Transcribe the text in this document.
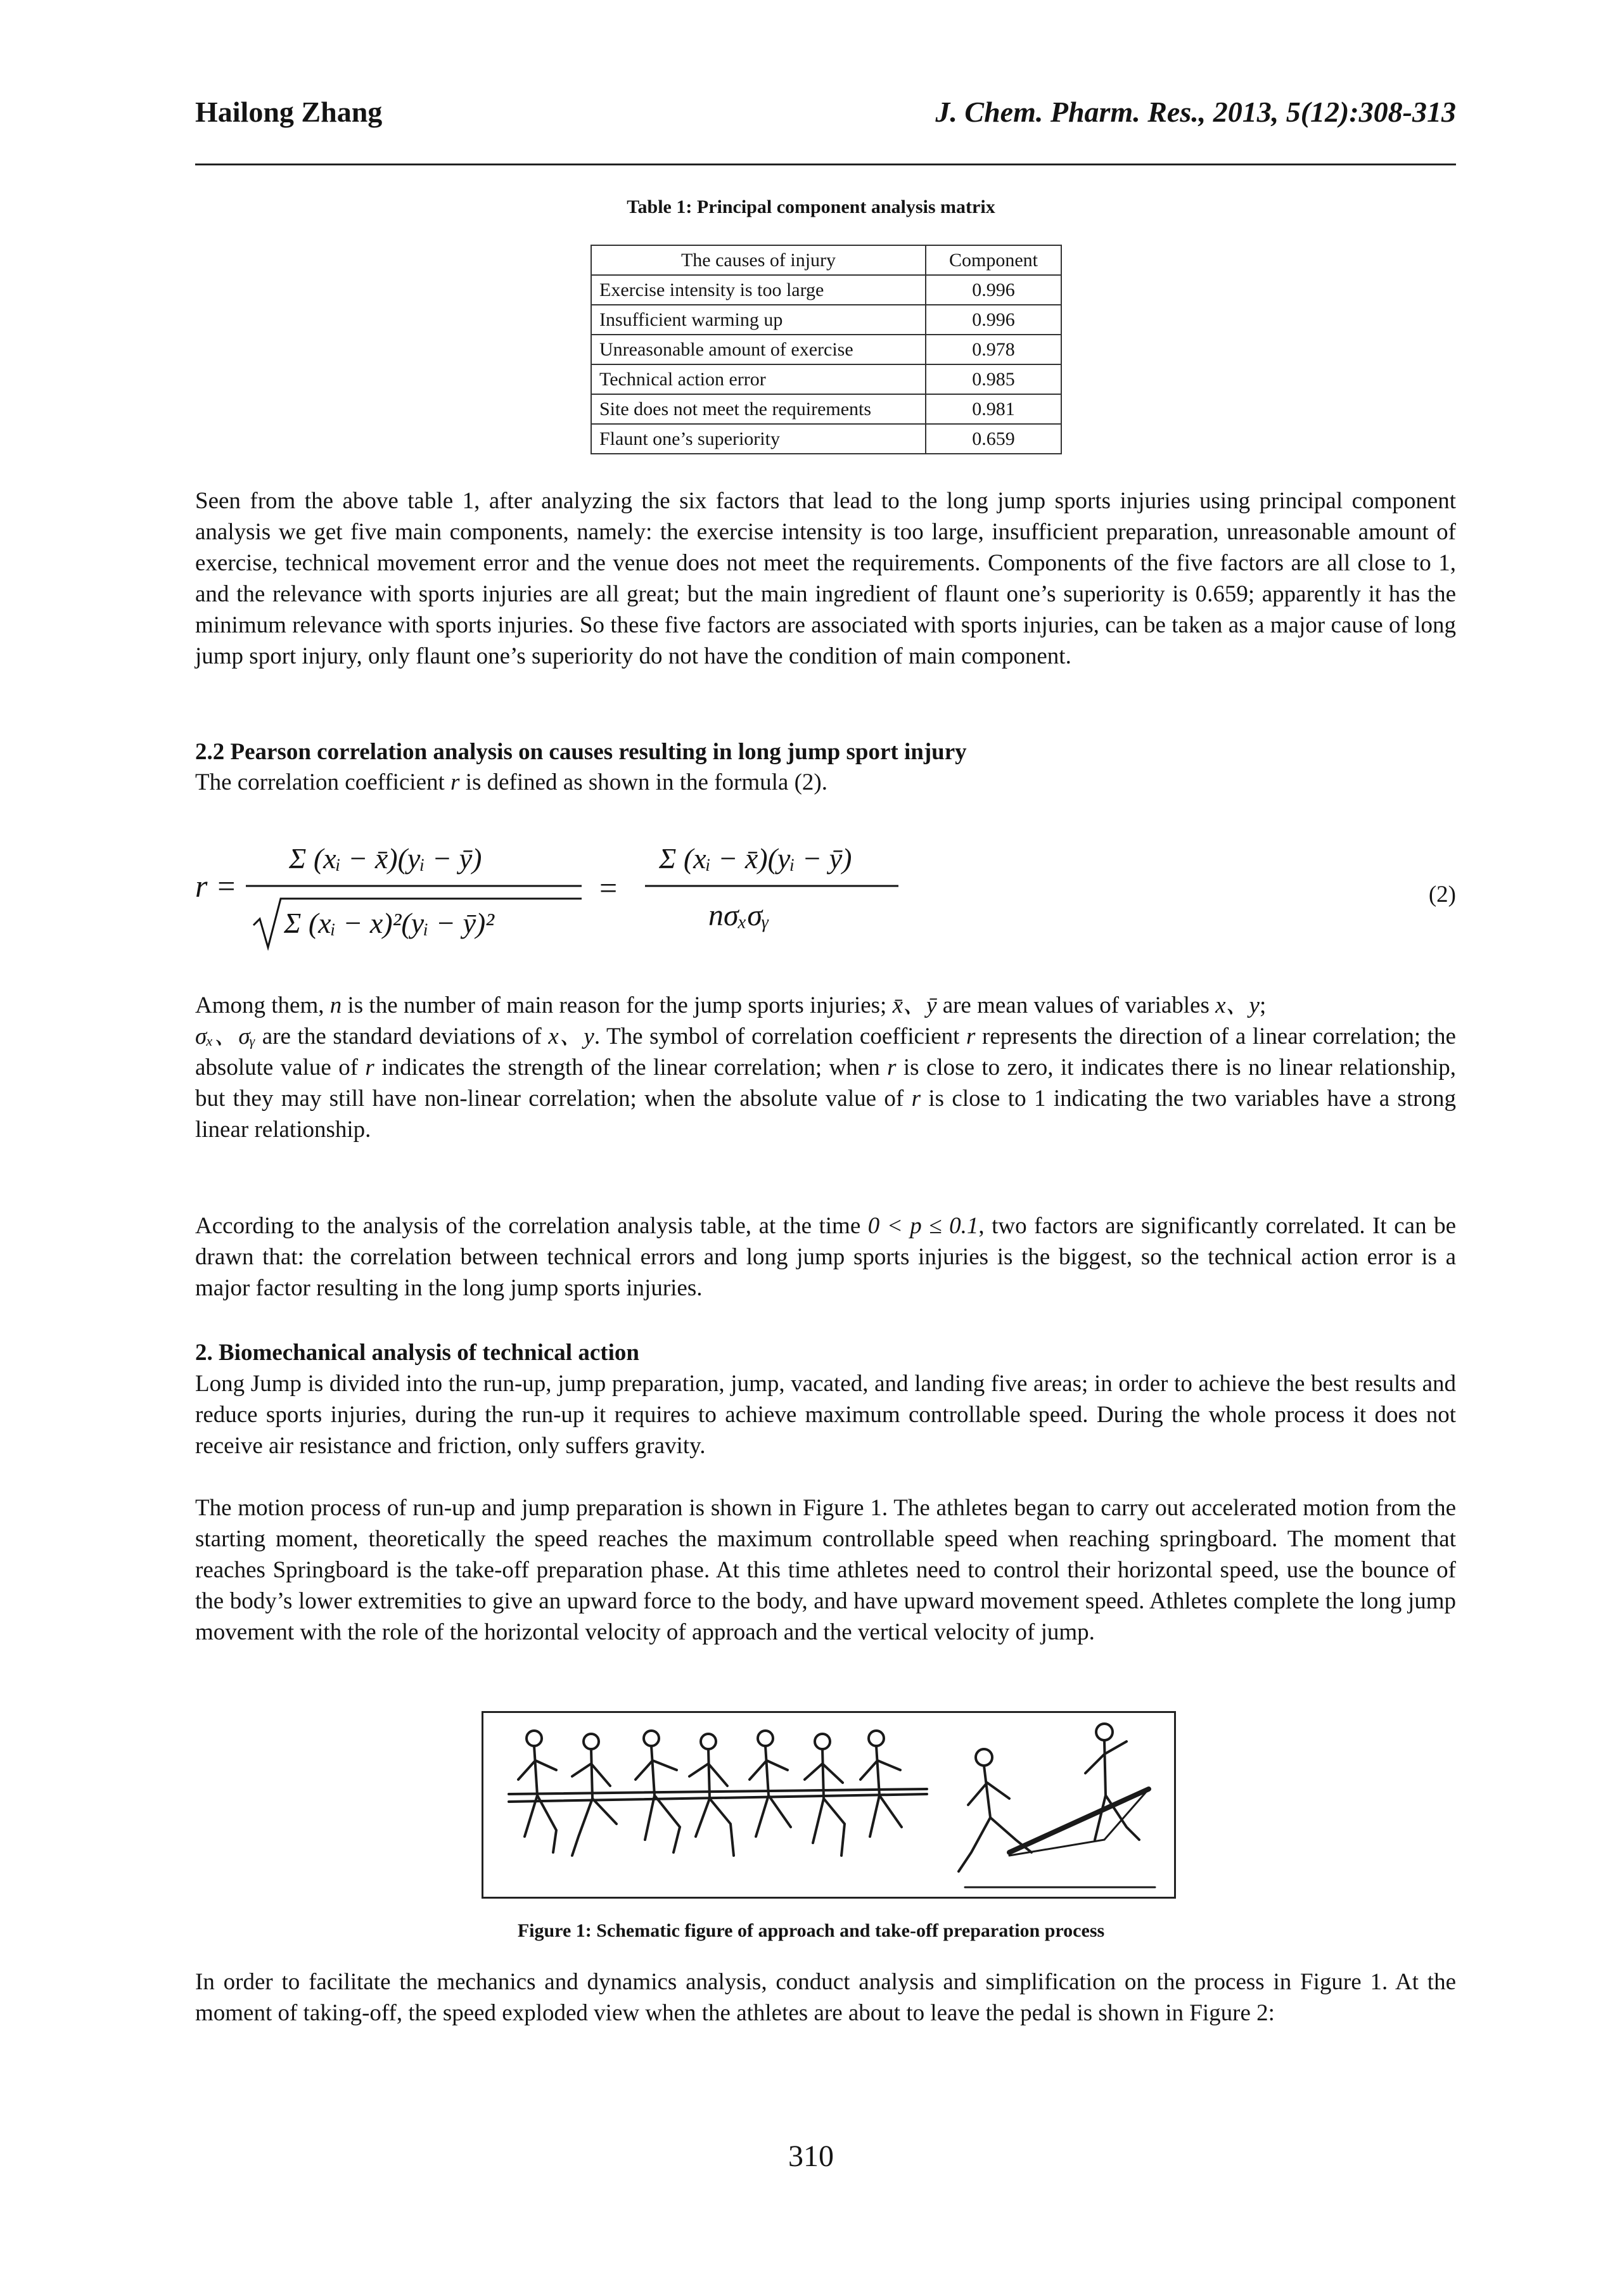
Hailong Zhang	J. Chem. Pharm. Res., 2013, 5(12):308-313
Table 1: Principal component analysis matrix
The causes of injury	Component
Exercise intensity is too large	0.996
Insufficient warming up	0.996
Unreasonable amount of exercise	0.978
Technical action error	0.985
Site does not meet the requirements	0.981
Flaunt one’s superiority	0.659

Seen from the above table 1, after analyzing the six factors that lead to the long jump sports injuries using principal component analysis we get five main components, namely: the exercise intensity is too large, insufficient preparation, unreasonable amount of exercise, technical movement error and the venue does not meet the requirements. Components of the five factors are all close to 1, and the relevance with sports injuries are all great; but the main ingredient of flaunt one’s superiority is 0.659; apparently it has the minimum relevance with sports injuries. So these five factors are associated with sports injuries, can be taken as a major cause of long jump sport injury, only flaunt one’s superiority do not have the condition of main component.

2.2 Pearson correlation analysis on causes resulting in long jump sport injury

The correlation coefficient r is defined as shown in the formula (2).

r =
Σ (xᵢ − x̄)(yᵢ − ȳ)
Σ (xᵢ − x)²(yᵢ − ȳ)²
=
Σ (xᵢ − x̄)(yᵢ − ȳ)
nσₓσᵧ
(2)

Among them, n is the number of main reason for the jump sports injuries; x̄、ȳ are mean values of variables x、y;
σₓ、σᵧ are the standard deviations of x、y. The symbol of correlation coefficient r represents the direction of a linear correlation; the absolute value of r indicates the strength of the linear correlation; when r is close to zero, it indicates there is no linear relationship, but they may still have non-linear correlation; when the absolute value of r is close to 1 indicating the two variables have a strong linear relationship.

According to the analysis of the correlation analysis table, at the time 0 < p ≤ 0.1, two factors are significantly correlated. It can be drawn that: the correlation between technical errors and long jump sports injuries is the biggest, so the technical action error is a major factor resulting in the long jump sports injuries.

2. Biomechanical analysis of technical action

Long Jump is divided into the run-up, jump preparation, jump, vacated, and landing five areas; in order to achieve the best results and reduce sports injuries, during the run-up it requires to achieve maximum controllable speed. During the whole process it does not receive air resistance and friction, only suffers gravity.

The motion process of run-up and jump preparation is shown in Figure 1. The athletes began to carry out accelerated motion from the starting moment, theoretically the speed reaches the maximum controllable speed when reaching springboard. The moment that reaches Springboard is the take-off preparation phase. At this time athletes need to control their horizontal speed, use the bounce of the body’s lower extremities to give an upward force to the body, and have upward movement speed. Athletes complete the long jump movement with the role of the horizontal velocity of approach and the vertical velocity of jump.

Figure 1: Schematic figure of approach and take-off preparation process

In order to facilitate the mechanics and dynamics analysis, conduct analysis and simplification on the process in Figure 1. At the moment of taking-off, the speed exploded view when the athletes are about to leave the pedal is shown in Figure 2:

310
